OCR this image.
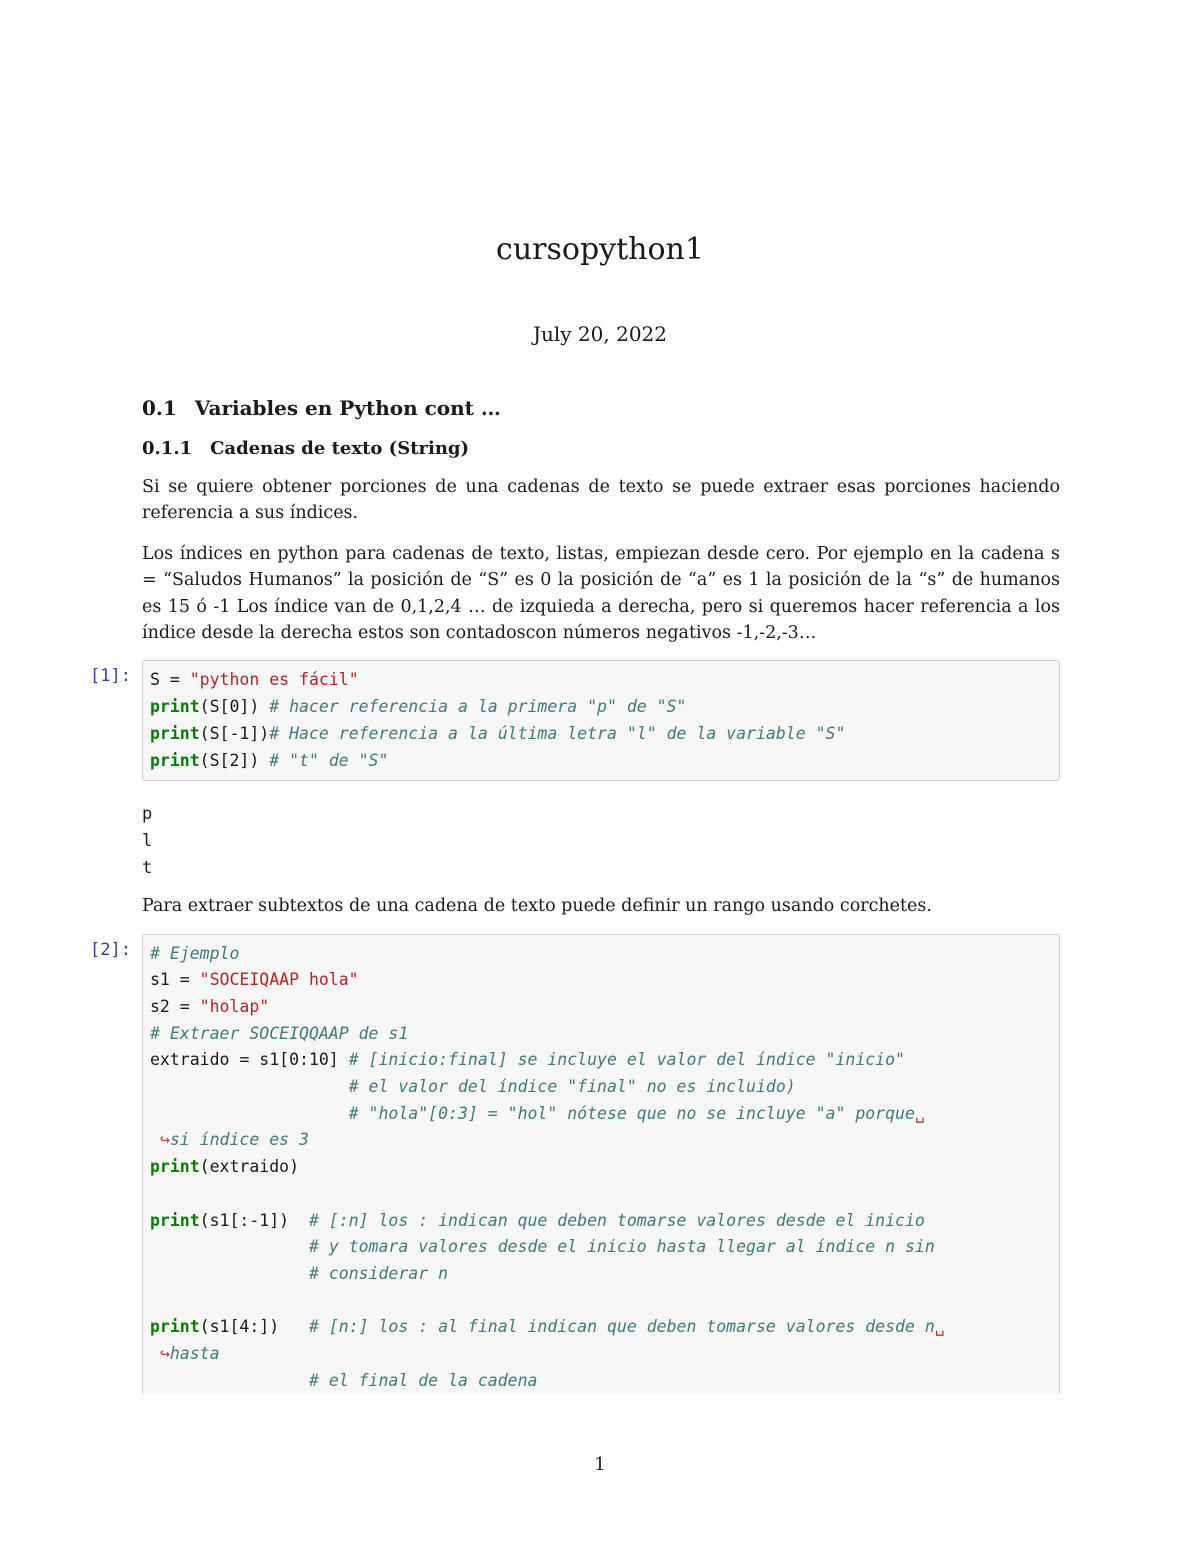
cursopython1
July 20, 2022
0.1 Variables en Python cont …
0.1.1 Cadenas de texto (String)

Si se quiere obtener porciones de una cadenas de texto se puede extraer esas porciones haciendo referencia a sus índices.

Los índices en python para cadenas de texto, listas, empiezan desde cero. Por ejemplo en la cadena s = “Saludos Humanos” la posición de “S” es 0 la posición de “a” es 1 la posición de la “s” de humanos es 15 ó -1 Los índice van de 0,1,2,4 … de izquieda a derecha, pero si queremos hacer referencia a los índice desde la derecha estos son contadoscon números negativos -1,-2,-3…

[1]: S = "python es fácil"
print(S[0]) # hacer referencia a la primera "p" de "S"
print(S[-1])# Hace referencia a la última letra "l" de la variable "S"
print(S[2]) # "t" de "S"
p
l
t

Para extraer subtextos de una cadena de texto puede definir un rango usando corchetes.

[2]: # Ejemplo
s1 = "SOCEIQAAP hola"
s2 = "holap"
# Extraer SOCEIQQAAP de s1
extraido = s1[0:10] # [inicio:final] se incluye el valor del índice "inicio"
# el valor del índice "final" no es incluido)
# "hola"[0:3] = "hol" nótese que no se incluye "a" porque␣
↪si índice es 3
print(extraido)
print(s1[:-1])  # [:n] los : indican que deben tomarse valores desde el inicio
# y tomara valores desde el inicio hasta llegar al índice n sin
# considerar n
print(s1[4:])   # [n:] los : al final indican que deben tomarse valores desde n␣
↪hasta
# el final de la cadena
1
